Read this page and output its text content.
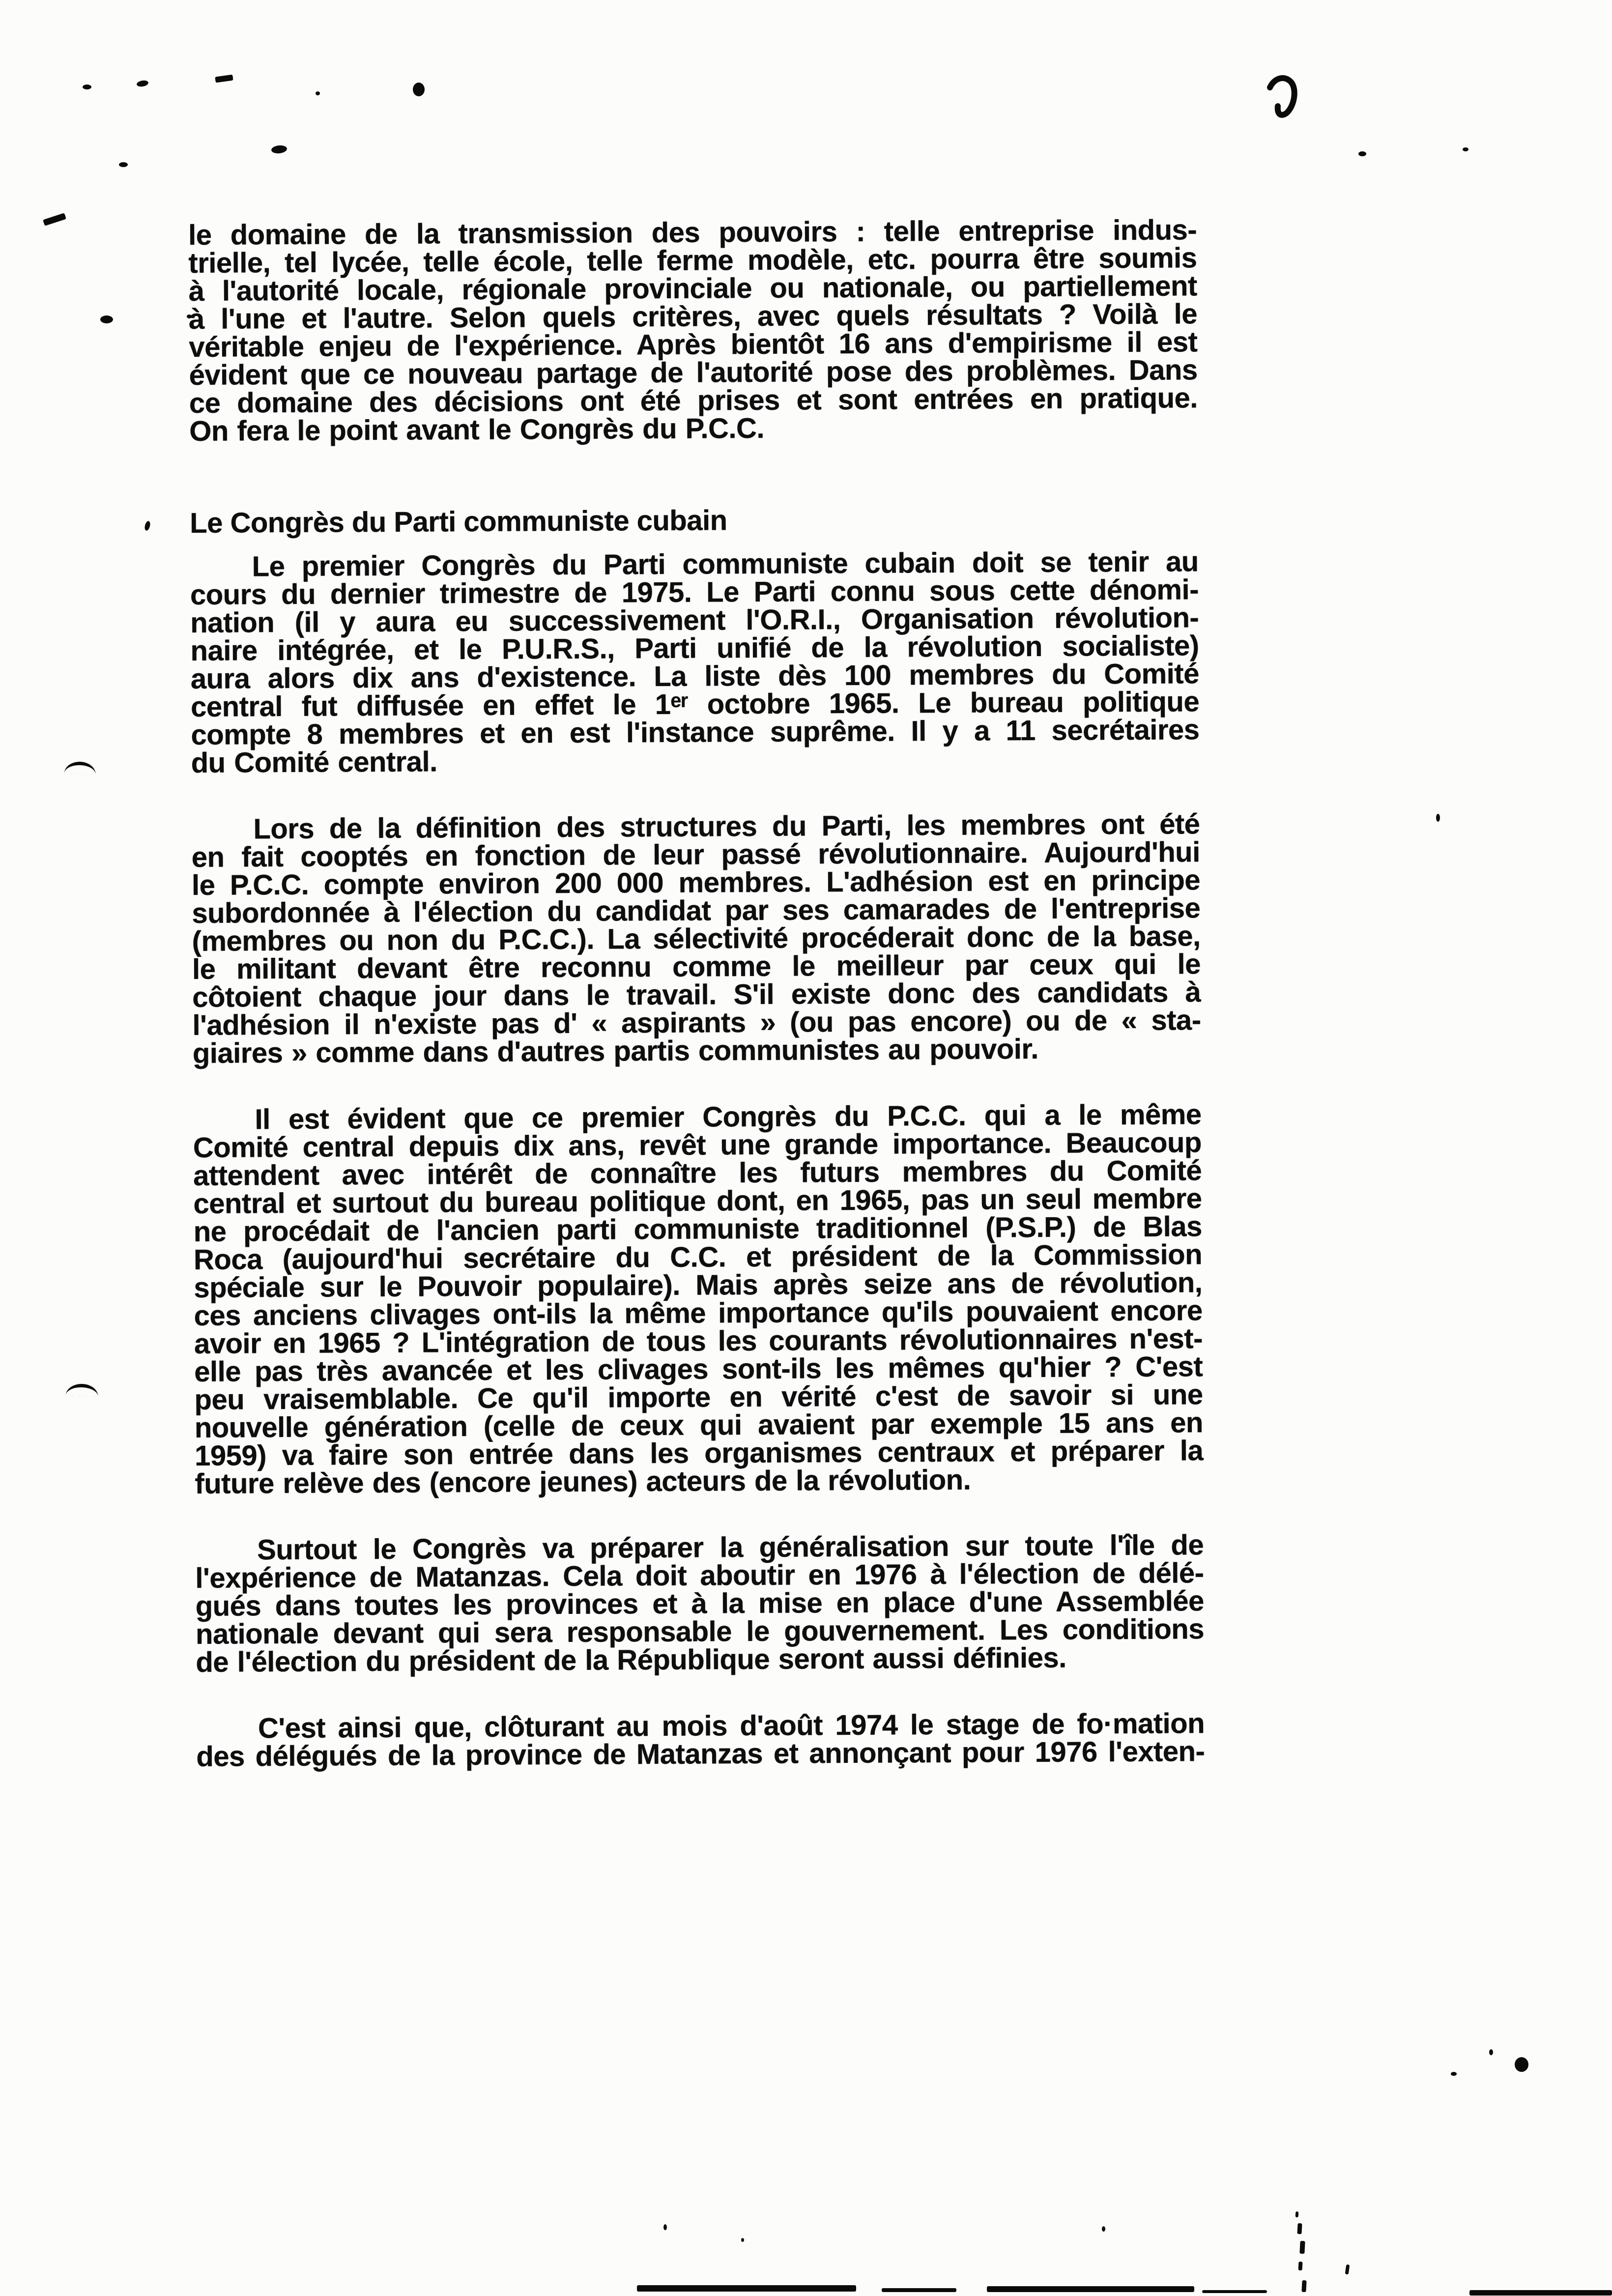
le domaine de la transmission des pouvoirs : telle entreprise indus-
trielle, tel lycée, telle école, telle ferme modèle, etc. pourra être soumis
à l'autorité locale, régionale provinciale ou nationale, ou partiellement
à l'une et l'autre. Selon quels critères, avec quels résultats ? Voilà le
véritable enjeu de l'expérience. Après bientôt 16 ans d'empirisme il est
évident que ce nouveau partage de l'autorité pose des problèmes. Dans
ce domaine des décisions ont été prises et sont entrées en pratique.
On fera le point avant le Congrès du P.C.C.
Le Congrès du Parti communiste cubain
Le premier Congrès du Parti communiste cubain doit se tenir au
cours du dernier trimestre de 1975. Le Parti connu sous cette dénomi-
nation (il y aura eu successivement l'O.R.I., Organisation révolution-
naire intégrée, et le P.U.R.S., Parti unifié de la révolution socialiste)
aura alors dix ans d'existence. La liste dès 100 membres du Comité
central fut diffusée en effet le 1ᵉʳ octobre 1965. Le bureau politique
compte 8 membres et en est l'instance suprême. Il y a 11 secrétaires
du Comité central.
Lors de la définition des structures du Parti, les membres ont été
en fait cooptés en fonction de leur passé révolutionnaire. Aujourd'hui
le P.C.C. compte environ 200 000 membres. L'adhésion est en principe
subordonnée à l'élection du candidat par ses camarades de l'entreprise
(membres ou non du P.C.C.). La sélectivité procéderait donc de la base,
le militant devant être reconnu comme le meilleur par ceux qui le
côtoient chaque jour dans le travail. S'il existe donc des candidats à
l'adhésion il n'existe pas d' « aspirants » (ou pas encore) ou de « sta-
giaires » comme dans d'autres partis communistes au pouvoir.
Il est évident que ce premier Congrès du P.C.C. qui a le même
Comité central depuis dix ans, revêt une grande importance. Beaucoup
attendent avec intérêt de connaître les futurs membres du Comité
central et surtout du bureau politique dont, en 1965, pas un seul membre
ne procédait de l'ancien parti communiste traditionnel (P.S.P.) de Blas
Roca (aujourd'hui secrétaire du C.C. et président de la Commission
spéciale sur le Pouvoir populaire). Mais après seize ans de révolution,
ces anciens clivages ont-ils la même importance qu'ils pouvaient encore
avoir en 1965 ? L'intégration de tous les courants révolutionnaires n'est-
elle pas très avancée et les clivages sont-ils les mêmes qu'hier ? C'est
peu vraisemblable. Ce qu'il importe en vérité c'est de savoir si une
nouvelle génération (celle de ceux qui avaient par exemple 15 ans en
1959) va faire son entrée dans les organismes centraux et préparer la
future relève des (encore jeunes) acteurs de la révolution.
Surtout le Congrès va préparer la généralisation sur toute l'île de
l'expérience de Matanzas. Cela doit aboutir en 1976 à l'élection de délé-
gués dans toutes les provinces et à la mise en place d'une Assemblée
nationale devant qui sera responsable le gouvernement. Les conditions
de l'élection du président de la République seront aussi définies.
C'est ainsi que, clôturant au mois d'août 1974 le stage de fo·mation
des délégués de la province de Matanzas et annonçant pour 1976 l'exten-
